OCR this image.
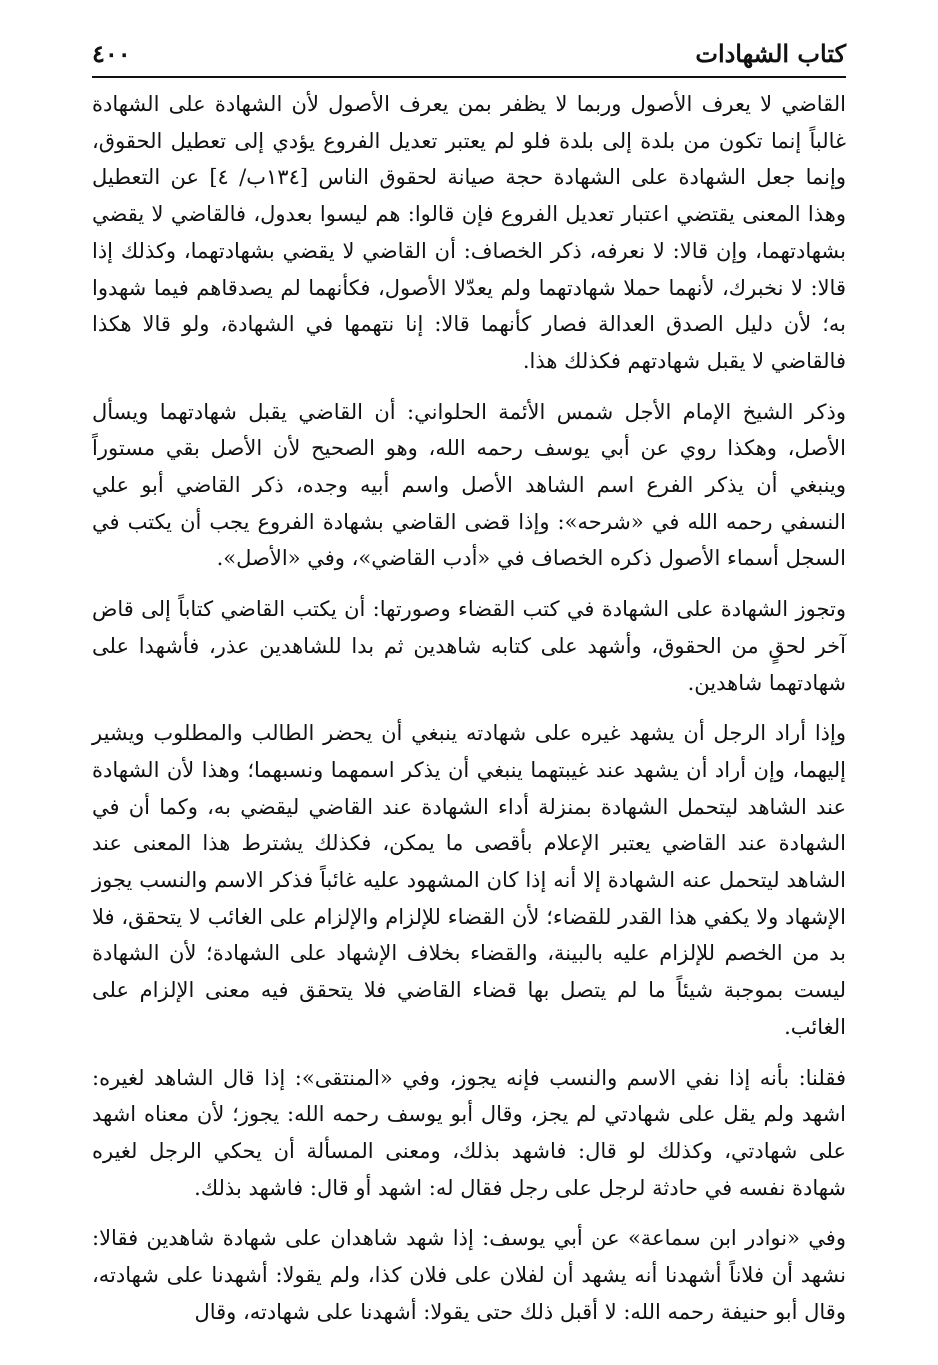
كتاب الشهادات
٤٠٠

القاضي لا يعرف الأصول وربما لا يظفر بمن يعرف الأصول لأن الشهادة على الشهادة غالباً إنما تكون من بلدة إلى بلدة فلو لم يعتبر تعديل الفروع يؤدي إلى تعطيل الحقوق، وإنما جعل الشهادة على الشهادة حجة صيانة لحقوق الناس [١٣٤ب/ ٤] عن التعطيل وهذا المعنى يقتضي اعتبار تعديل الفروع فإن قالوا: هم ليسوا بعدول، فالقاضي لا يقضي بشهادتهما، وإن قالا: لا نعرفه، ذكر الخصاف: أن القاضي لا يقضي بشهادتهما، وكذلك إذا قالا: لا نخبرك، لأنهما حملا شهادتهما ولم يعدّلا الأصول، فكأنهما لم يصدقاهم فيما شهدوا به؛ لأن دليل الصدق العدالة فصار كأنهما قالا: إنا نتهمها في الشهادة، ولو قالا هكذا فالقاضي لا يقبل شهادتهم فكذلك هذا.

وذكر الشيخ الإمام الأجل شمس الأئمة الحلواني: أن القاضي يقبل شهادتهما ويسأل الأصل، وهكذا روي عن أبي يوسف رحمه الله، وهو الصحيح لأن الأصل بقي مستوراً وينبغي أن يذكر الفرع اسم الشاهد الأصل واسم أبيه وجده، ذكر القاضي أبو علي النسفي رحمه الله في «شرحه»: وإذا قضى القاضي بشهادة الفروع يجب أن يكتب في السجل أسماء الأصول ذكره الخصاف في «أدب القاضي»، وفي «الأصل».

وتجوز الشهادة على الشهادة في كتب القضاء وصورتها: أن يكتب القاضي كتاباً إلى قاض آخر لحقٍ من الحقوق، وأشهد على كتابه شاهدين ثم بدا للشاهدين عذر، فأشهدا على شهادتهما شاهدين.

وإذا أراد الرجل أن يشهد غيره على شهادته ينبغي أن يحضر الطالب والمطلوب ويشير إليهما، وإن أراد أن يشهد عند غيبتهما ينبغي أن يذكر اسمهما ونسبهما؛ وهذا لأن الشهادة عند الشاهد ليتحمل الشهادة بمنزلة أداء الشهادة عند القاضي ليقضي به، وكما أن في الشهادة عند القاضي يعتبر الإعلام بأقصى ما يمكن، فكذلك يشترط هذا المعنى عند الشاهد ليتحمل عنه الشهادة إلا أنه إذا كان المشهود عليه غائباً فذكر الاسم والنسب يجوز الإشهاد ولا يكفي هذا القدر للقضاء؛ لأن القضاء للإلزام والإلزام على الغائب لا يتحقق، فلا بد من الخصم للإلزام عليه بالبينة، والقضاء بخلاف الإشهاد على الشهادة؛ لأن الشهادة ليست بموجبة شيئاً ما لم يتصل بها قضاء القاضي فلا يتحقق فيه معنى الإلزام على الغائب.

فقلنا: بأنه إذا نفي الاسم والنسب فإنه يجوز، وفي «المنتقى»: إذا قال الشاهد لغيره: اشهد ولم يقل على شهادتي لم يجز، وقال أبو يوسف رحمه الله: يجوز؛ لأن معناه اشهد على شهادتي، وكذلك لو قال: فاشهد بذلك، ومعنى المسألة أن يحكي الرجل لغيره شهادة نفسه في حادثة لرجل على رجل فقال له: اشهد أو قال: فاشهد بذلك.

وفي «نوادر ابن سماعة» عن أبي يوسف: إذا شهد شاهدان على شهادة شاهدين فقالا: نشهد أن فلاناً أشهدنا أنه يشهد أن لفلان على فلان كذا، ولم يقولا: أشهدنا على شهادته، وقال أبو حنيفة رحمه الله: لا أقبل ذلك حتى يقولا: أشهدنا على شهادته، وقال
